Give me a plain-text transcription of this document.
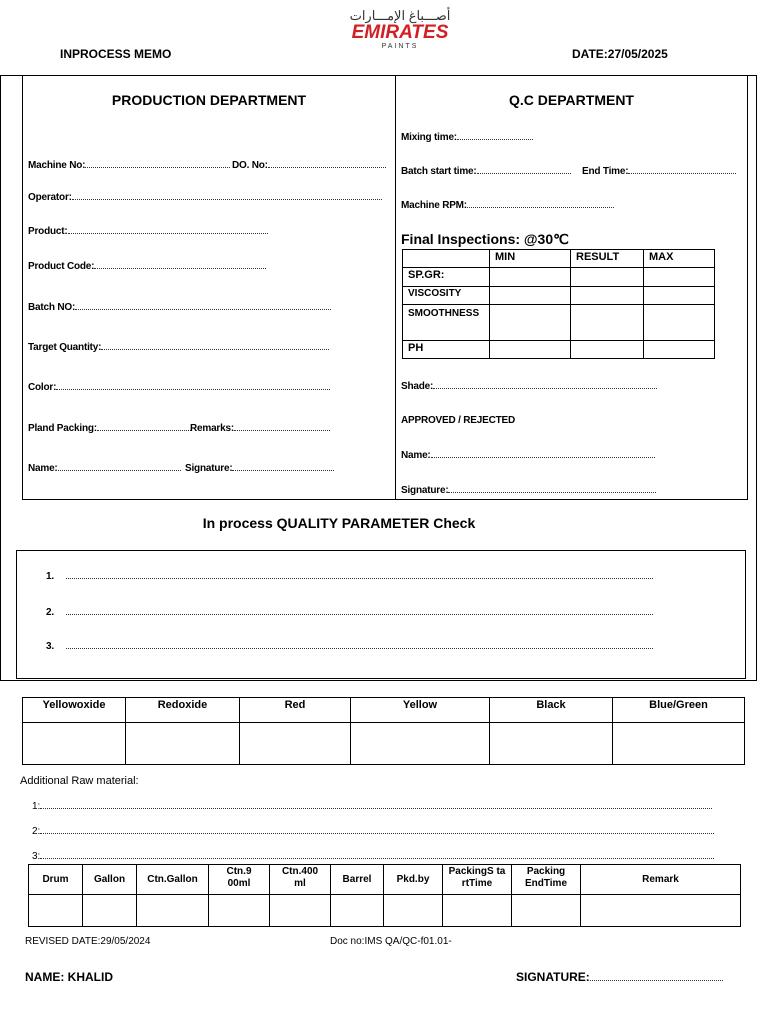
أصـــباغ الإمـــارات
EMIRATES
PAINTS
INPROCESS MEMO	DATE:27/05/2025
PRODUCTION DEPARTMENT
Machine No:	DO. No:
Operator:
Product:
Product Code:
Batch NO:
Target Quantity:
Color:
Pland Packing:	Remarks:
Name:	Signature:
Q.C DEPARTMENT
Mixing time:
Batch start time:	End Time:
Machine RPM:
Final Inspections: @30℃
	MIN	RESULT	MAX
SP.GR:			
VISCOSITY			
SMOOTHNESS			
PH			
Shade:
APPROVED / REJECTED
Name:
Signature:
In process QUALITY PARAMETER Check
1.
2.
3.
Yellowoxide	Redoxide	Red	Yellow	Black	Blue/Green

Additional Raw material:
1:
2:
3:
Drum	Gallon	Ctn.Gallon	Ctn.9 00ml	Ctn.400 ml	Barrel	Pkd.by	PackingS tartTime	Packing EndTime	Remark

REVISED DATE:29/05/2024	Doc no:IMS QA/QC-f01.01-
NAME: KHALID	SIGNATURE:
